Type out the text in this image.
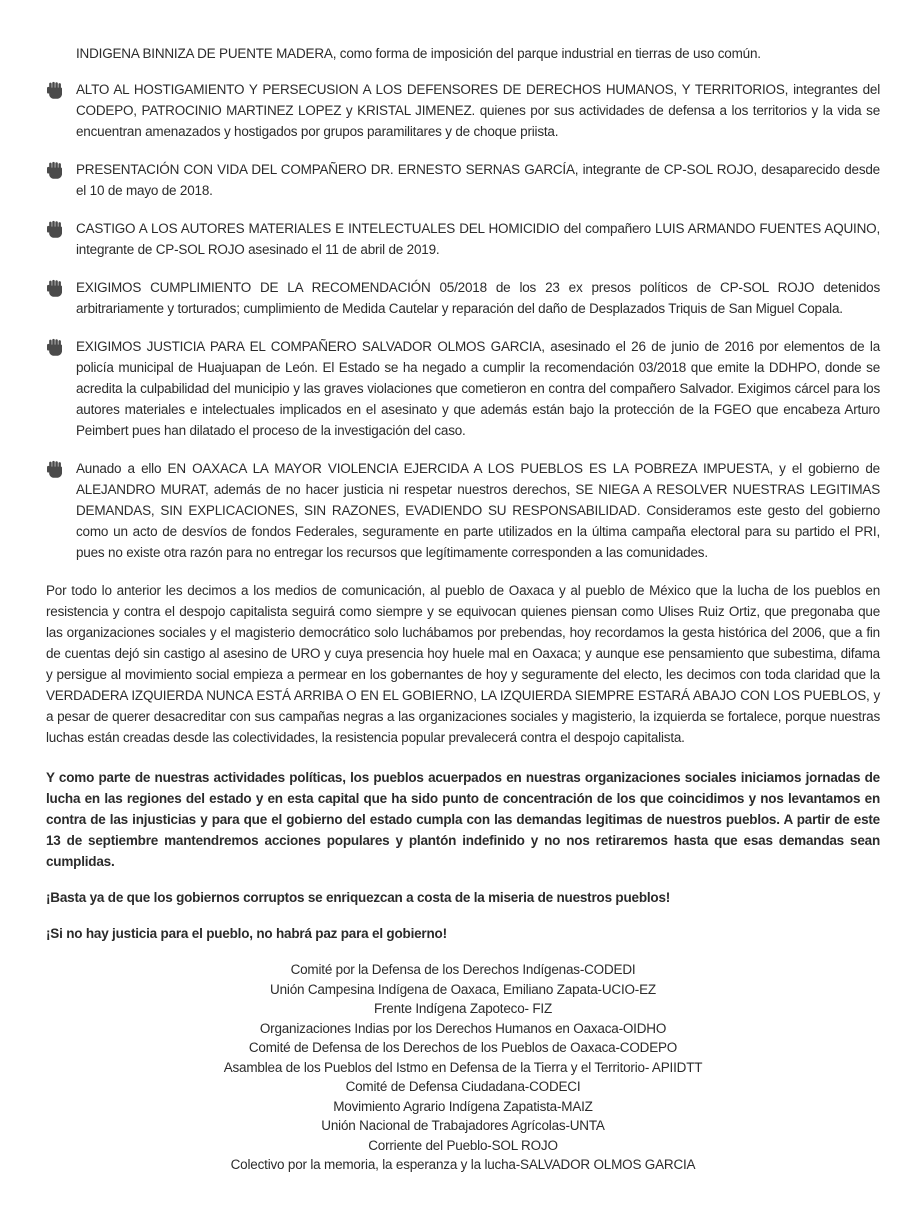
INDIGENA BINNIZA DE PUENTE MADERA, como forma de imposición del parque industrial en tierras de uso común.
ALTO AL HOSTIGAMIENTO Y PERSECUSION A LOS DEFENSORES DE DERECHOS HUMANOS, Y TERRITORIOS, integrantes del CODEPO, PATROCINIO MARTINEZ LOPEZ y KRISTAL JIMENEZ. quienes por sus actividades de defensa a los territorios y la vida se encuentran amenazados y hostigados por grupos paramilitares y de choque priista.
PRESENTACIÓN CON VIDA DEL COMPAÑERO DR. ERNESTO SERNAS GARCÍA, integrante de CP-SOL ROJO, desaparecido desde el 10 de mayo de 2018.
CASTIGO A LOS AUTORES MATERIALES E INTELECTUALES DEL HOMICIDIO del compañero LUIS ARMANDO FUENTES AQUINO, integrante de CP-SOL ROJO asesinado el 11 de abril de 2019.
EXIGIMOS CUMPLIMIENTO DE LA RECOMENDACIÓN 05/2018 de los 23 ex presos políticos de CP-SOL ROJO detenidos arbitrariamente y torturados; cumplimiento de Medida Cautelar y reparación del daño de Desplazados Triquis de San Miguel Copala.
EXIGIMOS JUSTICIA PARA EL COMPAÑERO SALVADOR OLMOS GARCIA, asesinado el 26 de junio de 2016 por elementos de la policía municipal de Huajuapan de León. El Estado se ha negado a cumplir la recomendación 03/2018 que emite la DDHPO, donde se acredita la culpabilidad del municipio y las graves violaciones que cometieron en contra del compañero Salvador. Exigimos cárcel para los autores materiales e intelectuales implicados en el asesinato y que además están bajo la protección de la FGEO que encabeza Arturo Peimbert pues han dilatado el proceso de la investigación del caso.
Aunado a ello EN OAXACA LA MAYOR VIOLENCIA EJERCIDA A LOS PUEBLOS ES LA POBREZA IMPUESTA, y el gobierno de ALEJANDRO MURAT, además de no hacer justicia ni respetar nuestros derechos, SE NIEGA A RESOLVER NUESTRAS LEGITIMAS DEMANDAS, SIN EXPLICACIONES, SIN RAZONES, EVADIENDO SU RESPONSABILIDAD. Consideramos este gesto del gobierno como un acto de desvíos de fondos Federales, seguramente en parte utilizados en la última campaña electoral para su partido el PRI, pues no existe otra razón para no entregar los recursos que legítimamente corresponden a las comunidades.
Por todo lo anterior les decimos a los medios de comunicación, al pueblo de Oaxaca y al pueblo de México que la lucha de los pueblos en resistencia y contra el despojo capitalista seguirá como siempre y se equivocan quienes piensan como Ulises Ruiz Ortiz, que pregonaba que las organizaciones sociales y el magisterio democrático solo luchábamos por prebendas, hoy recordamos la gesta histórica del 2006, que a fin de cuentas dejó sin castigo al asesino de URO y cuya presencia hoy huele mal en Oaxaca; y aunque ese pensamiento que subestima, difama y persigue al movimiento social empieza a permear en los gobernantes de hoy y seguramente del electo, les decimos con toda claridad que la VERDADERA IZQUIERDA NUNCA ESTÁ ARRIBA O EN EL GOBIERNO, LA IZQUIERDA SIEMPRE ESTARÁ ABAJO CON LOS PUEBLOS, y a pesar de querer desacreditar con sus campañas negras a las organizaciones sociales y magisterio, la izquierda se fortalece, porque nuestras luchas están creadas desde las colectividades, la resistencia popular prevalecerá contra el despojo capitalista.
Y como parte de nuestras actividades políticas, los pueblos acuerpados en nuestras organizaciones sociales iniciamos jornadas de lucha en las regiones del estado y en esta capital que ha sido punto de concentración de los que coincidimos y nos levantamos en contra de las injusticias y para que el gobierno del estado cumpla con las demandas legitimas de nuestros pueblos. A partir de este 13 de septiembre mantendremos acciones populares y plantón indefinido y no nos retiraremos hasta que esas demandas sean cumplidas.
¡Basta ya de que los gobiernos corruptos se enriquezcan a costa de la miseria de nuestros pueblos!
¡Si no hay justicia para el pueblo, no habrá paz para el gobierno!
Comité por la Defensa de los Derechos Indígenas-CODEDI
Unión Campesina Indígena de Oaxaca, Emiliano Zapata-UCIO-EZ
Frente Indígena Zapoteco- FIZ
Organizaciones Indias por los Derechos Humanos en Oaxaca-OIDHO
Comité de Defensa de los Derechos de los Pueblos de Oaxaca-CODEPO
Asamblea de los Pueblos del Istmo en Defensa de la Tierra y el Territorio- APIIDTT
Comité de Defensa Ciudadana-CODECI
Movimiento Agrario Indígena Zapatista-MAIZ
Unión Nacional de Trabajadores Agrícolas-UNTA
Corriente del Pueblo-SOL ROJO
Colectivo por la memoria, la esperanza y la lucha-SALVADOR OLMOS GARCIA
